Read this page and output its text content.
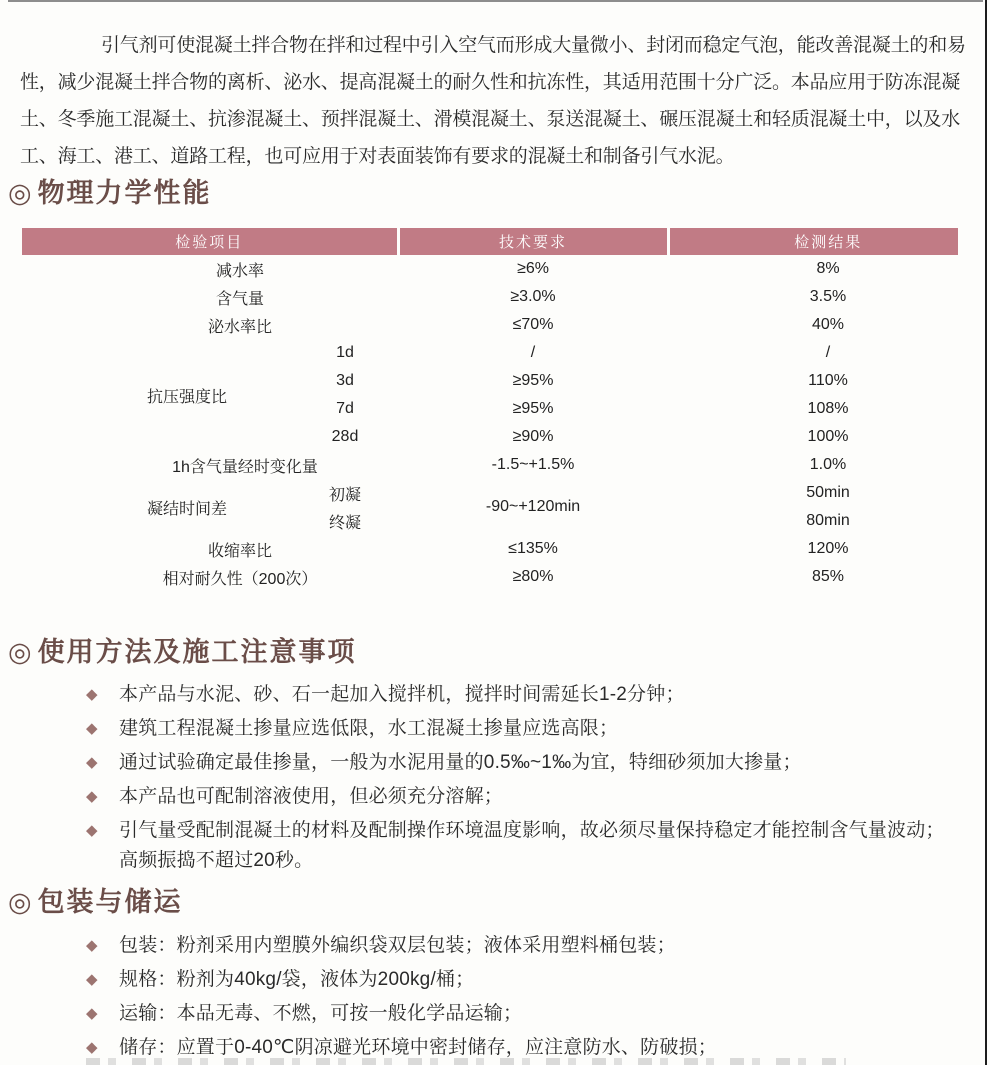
引气剂可使混凝土拌合物在拌和过程中引入空气而形成大量微小、封闭而稳定气泡，能改善混凝土的和易性，减少混凝土拌合物的离析、泌水、提高混凝土的耐久性和抗冻性，其适用范围十分广泛。本品应用于防冻混凝土、冬季施工混凝土、抗渗混凝土、预拌混凝土、滑模混凝土、泵送混凝土、碾压混凝土和轻质混凝土中，以及水工、海工、港工、道路工程，也可应用于对表面装饰有要求的混凝土和制备引气水泥。

◎ 物理力学性能
检验项目		技术要求	检测结果
减水率		≥6%	8%
含气量		≥3.0%	3.5%
泌水率比		≤70%	40%
抗压强度比	1d	/	/
	3d	≥95%	110%
	7d	≥95%	108%
	28d	≥90%	100%
1h含气量经时变化量		-1.5~+1.5%	1.0%
凝结时间差	初凝	-90~+120min	50min
	终凝		80min
收缩率比		≤135%	120%
相对耐久性（200次）		≥80%	85%
◎ 使用方法及施工注意事项
◆ 本产品与水泥、砂、石一起加入搅拌机，搅拌时间需延长1-2分钟；
◆ 建筑工程混凝土掺量应选低限，水工混凝土掺量应选高限；
◆ 通过试验确定最佳掺量，一般为水泥用量的0.5‰~1‰为宜，特细砂须加大掺量；
◆ 本产品也可配制溶液使用，但必须充分溶解；
◆ 引气量受配制混凝土的材料及配制操作环境温度影响，故必须尽量保持稳定才能控制含气量波动；高频振捣不超过20秒。
◎ 包装与储运
◆ 包装：粉剂采用内塑膜外编织袋双层包装；液体采用塑料桶包装；
◆ 规格：粉剂为40kg/袋，液体为200kg/桶；
◆ 运输：本品无毒、不燃，可按一般化学品运输；
◆ 储存：应置于0-40℃阴凉避光环境中密封储存，应注意防水、防破损；
